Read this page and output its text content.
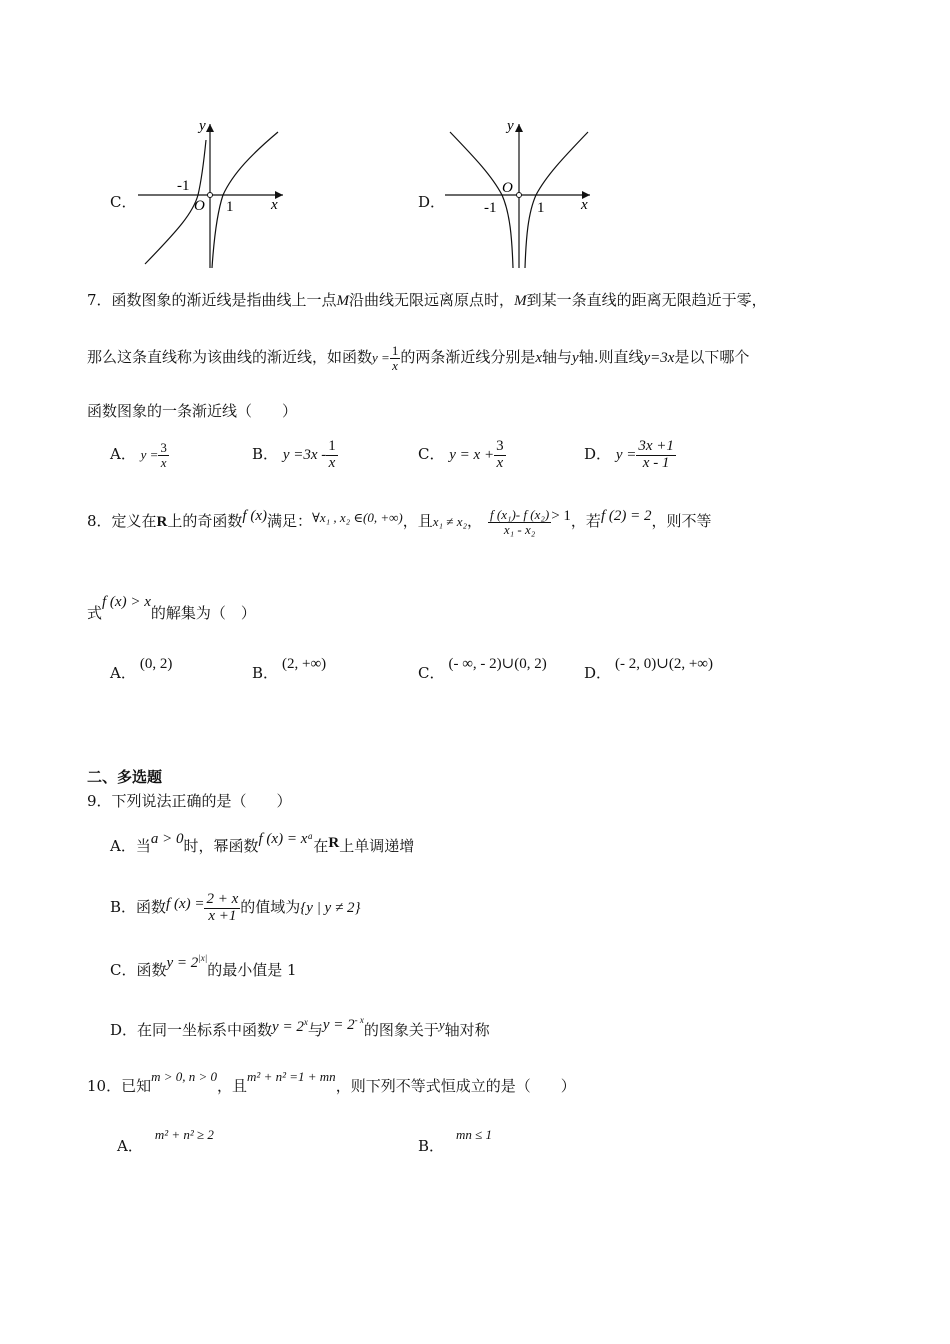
C．
y
x
O
-1
1	D．
y
x
O
-1	1
7．函数图象的渐近线是指曲线上一点M沿曲线无限远离原点时，M到某一条直线的距离无限趋近于零，
那么这条直线称为该曲线的渐近线，如函数$y = \frac{1}{x}$ 的两条渐近线分别是x轴与y轴.则直线y=3x是以下哪个
函数图象的一条渐近线（　　）
A． $y = \frac{3}{x}$	B． $y =3x - \frac{1}{x}$	C． $y = x + \frac{3}{x}$	D． $y = \frac{3x +1}{x - 1}$
8．定义在R上的奇函数f (x)满足：∀x₁ , x₂ ∈(0, +∞)，且x₁ ≠ x₂， $\frac{\text{f (x₁)- f (x₂)}}{\text{x₁ - x₂}} > 1$，若f (2) = 2，则不等
式f (x) > x的解集为（　）
A． (0, 2)	B． (2, +∞)	C． (- ∞, - 2)∪(0, 2) D． (- 2, 0)∪(2, +∞)
二、多选题
9．下列说法正确的是（　　）
A．当a > 0时，幂函数f (x) = xᵃ在R上单调递增
B．函数f $(x) = \frac{2 + x}{x +1}$ 的值域为{y | y ≠ 2}
C．函数$y = 2^{|x|}$的最小值是 1
D．在同一坐标系中函数$y = 2^x$与$y = 2^{- x}$的图象关于y轴对称
10．已知m > 0, n > 0，且m² + n² =1 + mn，则下列不等式恒成立的是（　　）
A．m² + n² ≥ 2
B．mn ≤ 1
